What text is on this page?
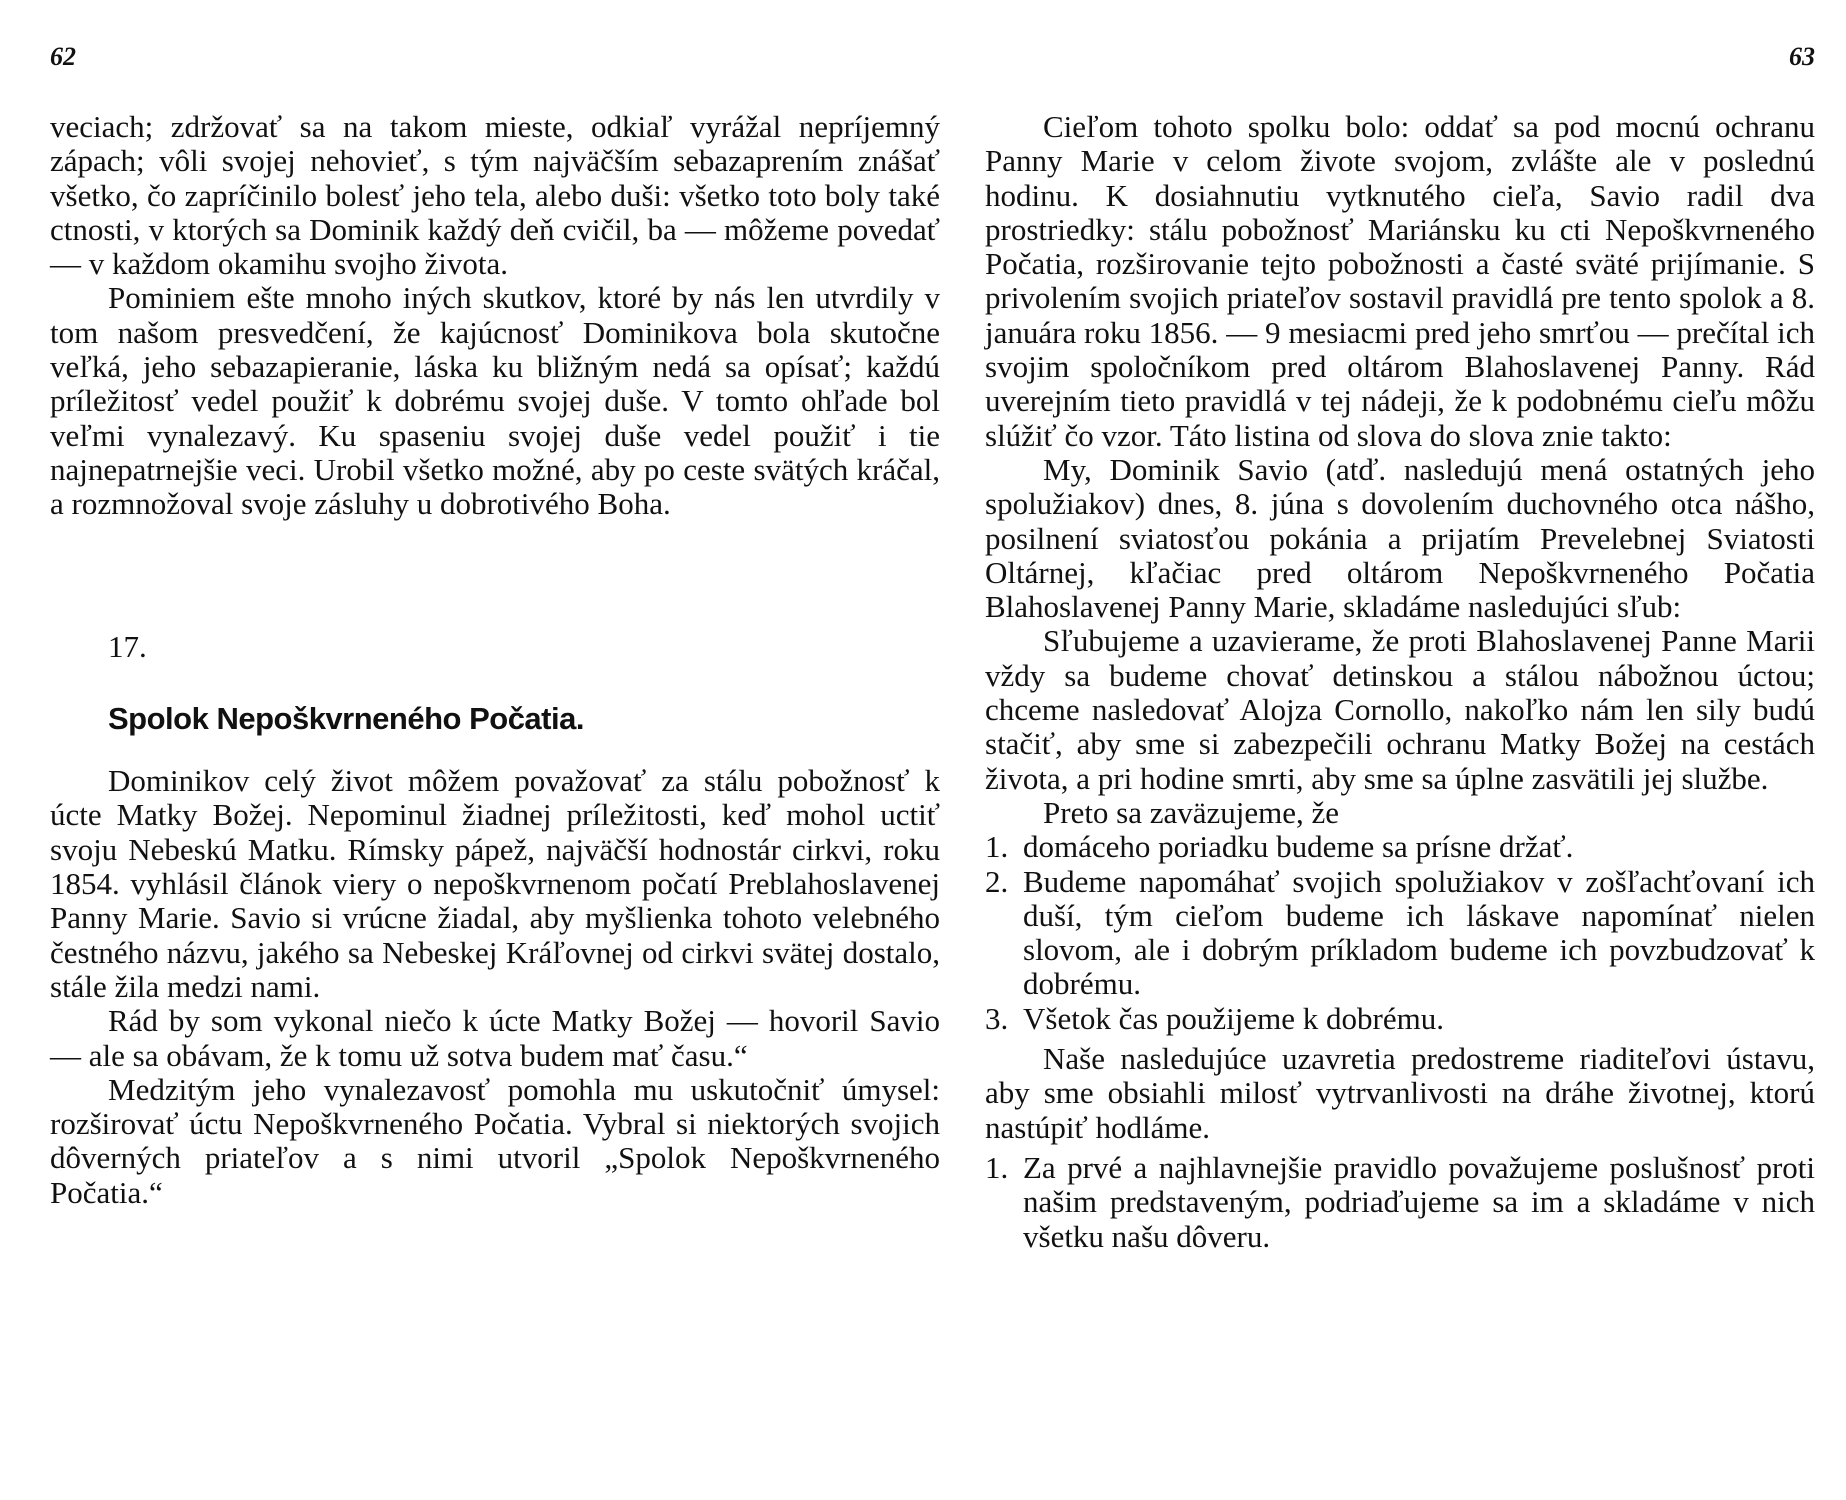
62

veciach; zdržovať sa na takom mieste, odkiaľ vyrážal nepríjemný zápach; vôli svojej nehovieť, s tým najväčším sebazaprením znášať všetko, čo zapríčinilo bolesť jeho tela, alebo duši: všetko toto boly také ctnosti, v ktorých sa Dominik každý deň cvičil, ba — môžeme povedať — v každom okamihu svojho života.

Pominiem ešte mnoho iných skutkov, ktoré by nás len utvrdily v tom našom presvedčení, že kajúcnosť Dominikova bola skutočne veľká, jeho sebazapieranie, láska ku bližným nedá sa opísať; každú príležitosť vedel použiť k dobrému svojej duše. V tomto ohľade bol veľmi vynalezavý. Ku spaseniu svojej duše vedel použiť i tie najnepatrnejšie veci. Urobil všetko možné, aby po ceste svätých kráčal, a rozmnožoval svoje zásluhy u dobrotivého Boha.

17.

Spolok Nepoškvrneného Počatia.

Dominikov celý život môžem považovať za stálu pobožnosť k úcte Matky Božej. Nepominul žiadnej príležitosti, keď mohol uctiť svoju Nebeskú Matku. Rímsky pápež, najväčší hodnostár cirkvi, roku 1854. vyhlásil článok viery o nepoškvrnenom počatí Preblahoslavenej Panny Marie. Savio si vrúcne žiadal, aby myšlienka tohoto velebného čestného názvu, jakého sa Nebeskej Kráľovnej od cirkvi svätej dostalo, stále žila medzi nami.

Rád by som vykonal niečo k úcte Matky Božej — hovoril Savio — ale sa obávam, že k tomu už sotva budem mať času.“

Medzitým jeho vynalezavosť pomohla mu uskutočniť úmysel: rozširovať úctu Nepoškvrneného Počatia. Vybral si niektorých svojich dôverných priateľov a s nimi utvoril „Spolok Nepoškvrneného Počatia.“

63

Cieľom tohoto spolku bolo: oddať sa pod mocnú ochranu Panny Marie v celom živote svojom, zvlášte ale v poslednú hodinu. K dosiahnutiu vytknutého cieľa, Savio radil dva prostriedky: stálu pobožnosť Mariánsku ku cti Nepoškvrneného Počatia, rozširovanie tejto pobožnosti a časté sväté prijímanie. S privolením svojich priateľov sostavil pravidlá pre tento spolok a 8. januára roku 1856. — 9 mesiacmi pred jeho smrťou — prečítal ich svojim spoločníkom pred oltárom Blahoslavenej Panny. Rád uverejním tieto pravidlá v tej nádeji, že k podobnému cieľu môžu slúžiť čo vzor. Táto listina od slova do slova znie takto:

My, Dominik Savio (atď. nasledujú mená ostatných jeho spolužiakov) dnes, 8. júna s dovolením duchovného otca nášho, posilnení sviatosťou pokánia a prijatím Prevelebnej Sviatosti Oltárnej, kľačiac pred oltárom Nepoškvrneného Počatia Blahoslavenej Panny Marie, skladáme nasledujúci sľub:

Sľubujeme a uzavierame, že proti Blahoslavenej Panne Marii vždy sa budeme chovať detinskou a stálou nábožnou úctou; chceme nasledovať Alojza Cornollo, nakoľko nám len sily budú stačiť, aby sme si zabezpečili ochranu Matky Božej na cestách života, a pri hodine smrti, aby sme sa úplne zasvätili jej službe.

Preto sa zaväzujeme, že

1. domáceho poriadku budeme sa prísne držať.
2. Budeme napomáhať svojich spolužiakov v zošľachťovaní ich duší, tým cieľom budeme ich láskave napomínať nielen slovom, ale i dobrým príkladom budeme ich povzbudzovať k dobrému.
3. Všetok čas použijeme k dobrému.

Naše nasledujúce uzavretia predostreme riaditeľovi ústavu, aby sme obsiahli milosť vytrvanlivosti na dráhe životnej, ktorú nastúpiť hodláme.

1. Za prvé a najhlavnejšie pravidlo považujeme poslušnosť proti našim predstaveným, podriaďujeme sa im a skladáme v nich všetku našu dôveru.
